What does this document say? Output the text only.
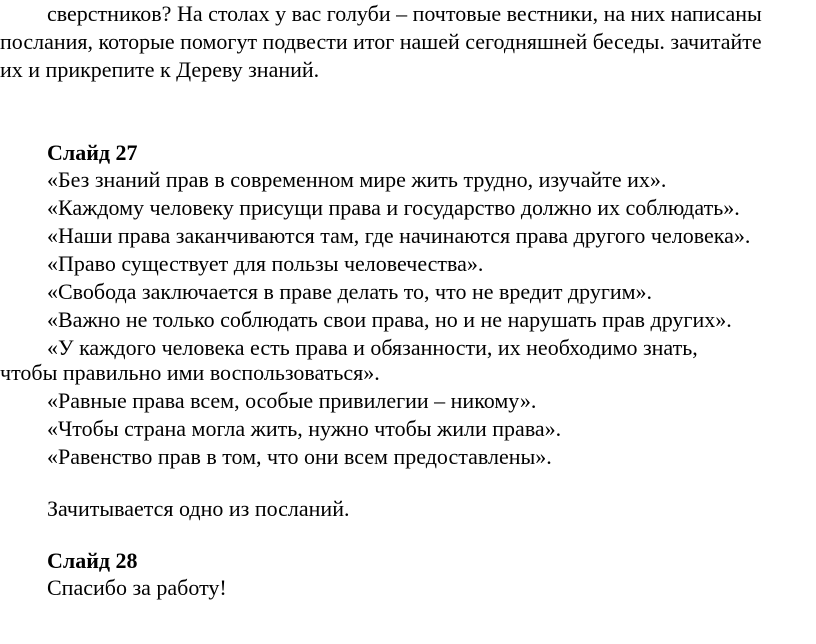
сверстников? На столах у вас голуби – почтовые вестники, на них написаны
послания, которые помогут подвести итог нашей сегодняшней беседы. зачитайте
их и прикрепите к Дереву знаний.
Слайд 27
«Без знаний прав в современном мире жить трудно, изучайте их».
«Каждому человеку присущи права и государство должно их соблюдать».
«Наши права заканчиваются там, где начинаются права другого человека».
«Право существует для пользы человечества».
«Свобода заключается в праве делать то, что не вредит другим».
«Важно не только соблюдать свои права, но и не нарушать прав других».
«У каждого человека есть права и обязанности, их необходимо знать,
чтобы правильно ими воспользоваться».
«Равные права всем, особые привилегии – никому».
«Чтобы страна могла жить, нужно чтобы жили права».
«Равенство прав в том, что они всем предоставлены».
Зачитывается одно из посланий.
Слайд 28
Спасибо за работу!
